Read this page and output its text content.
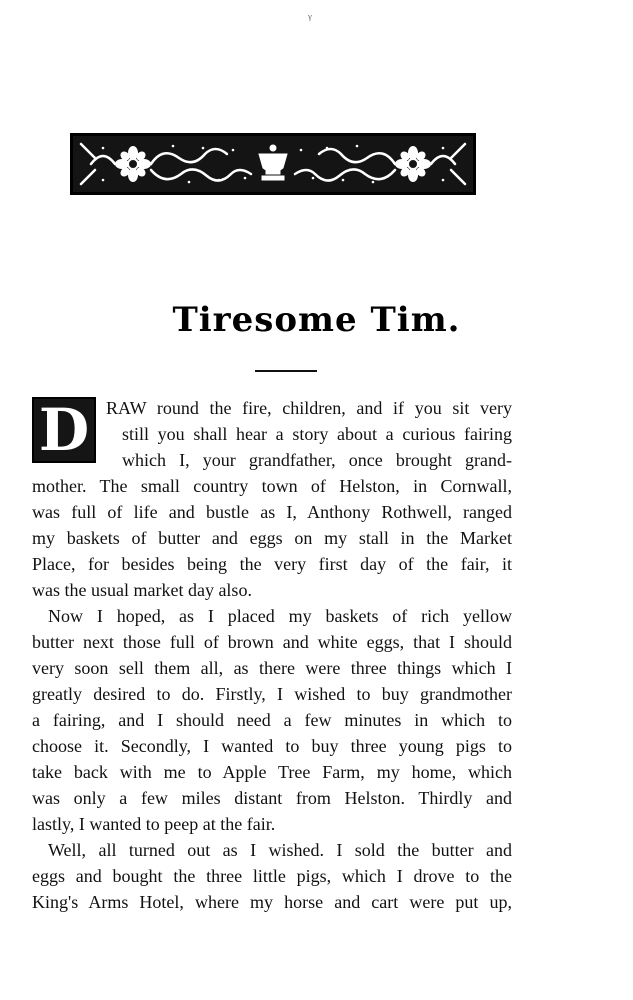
ᵞ
Tiresome Tim.
D RAW round the fire, children, and if you sit very
still you shall hear a story about a curious fairing
which I, your grandfather, once brought grand-
mother. The small country town of Helston, in Cornwall,
was full of life and bustle as I, Anthony Rothwell, ranged
my baskets of butter and eggs on my stall in the Market
Place, for besides being the very first day of the fair, it
was the usual market day also.
Now I hoped, as I placed my baskets of rich yellow
butter next those full of brown and white eggs, that I should
very soon sell them all, as there were three things which I
greatly desired to do. Firstly, I wished to buy grandmother
a fairing, and I should need a few minutes in which to
choose it. Secondly, I wanted to buy three young pigs to
take back with me to Apple Tree Farm, my home, which
was only a few miles distant from Helston. Thirdly and
lastly, I wanted to peep at the fair.
Well, all turned out as I wished. I sold the butter and
eggs and bought the three little pigs, which I drove to the
King's Arms Hotel, where my horse and cart were put up,
